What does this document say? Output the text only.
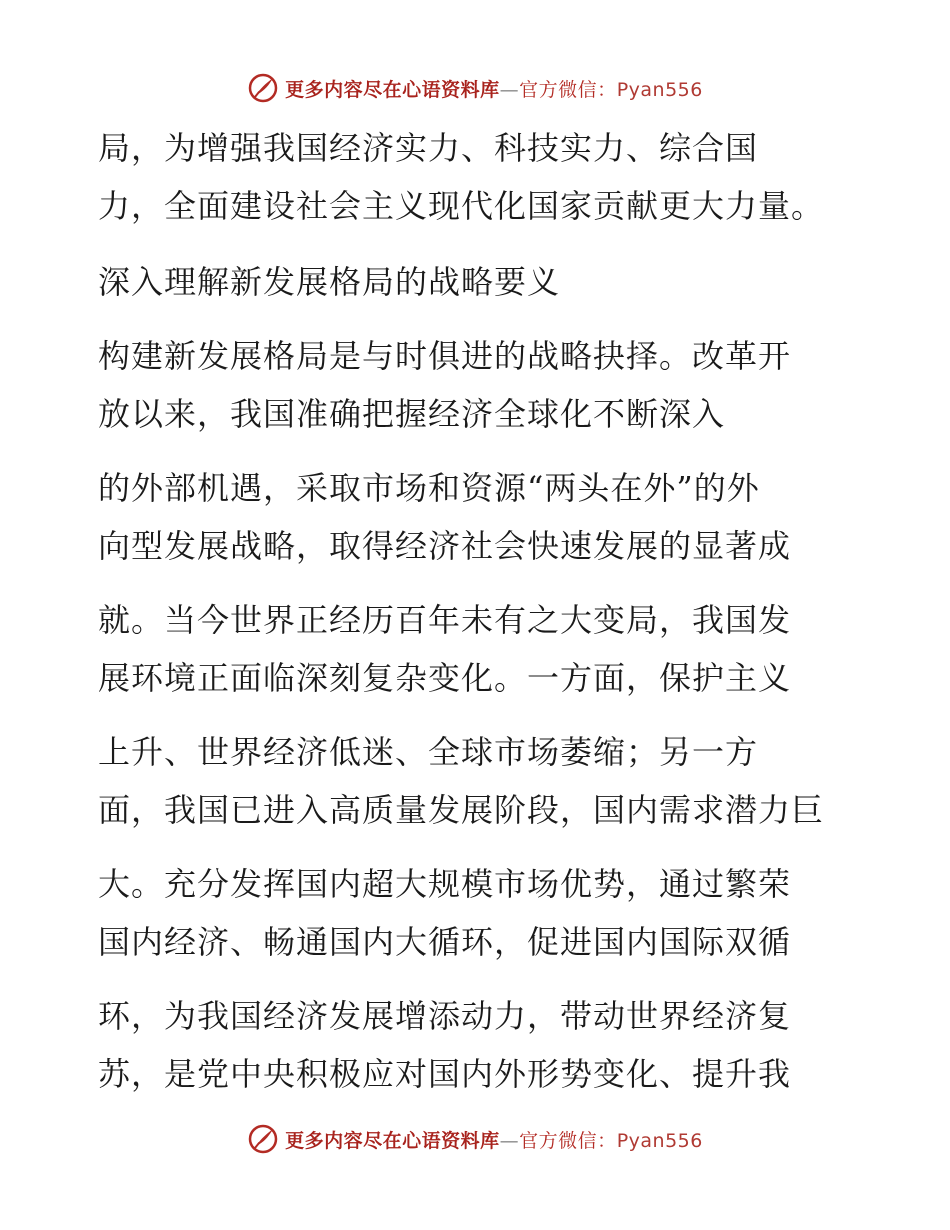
更多内容尽在心语资料库—官方微信：Pyan556
局，为增强我国经济实力、科技实力、综合国
力，全面建设社会主义现代化国家贡献更大力量。
深入理解新发展格局的战略要义
构建新发展格局是与时俱进的战略抉择。改革开
放以来，我国准确把握经济全球化不断深入
的外部机遇，采取市场和资源“两头在外”的外
向型发展战略，取得经济社会快速发展的显著成
就。当今世界正经历百年未有之大变局，我国发
展环境正面临深刻复杂变化。一方面，保护主义
上升、世界经济低迷、全球市场萎缩；另一方
面，我国已进入高质量发展阶段，国内需求潜力巨
大。充分发挥国内超大规模市场优势，通过繁荣
国内经济、畅通国内大循环，促进国内国际双循
环，为我国经济发展增添动力，带动世界经济复
苏，是党中央积极应对国内外形势变化、提升我
更多内容尽在心语资料库—官方微信：Pyan556
